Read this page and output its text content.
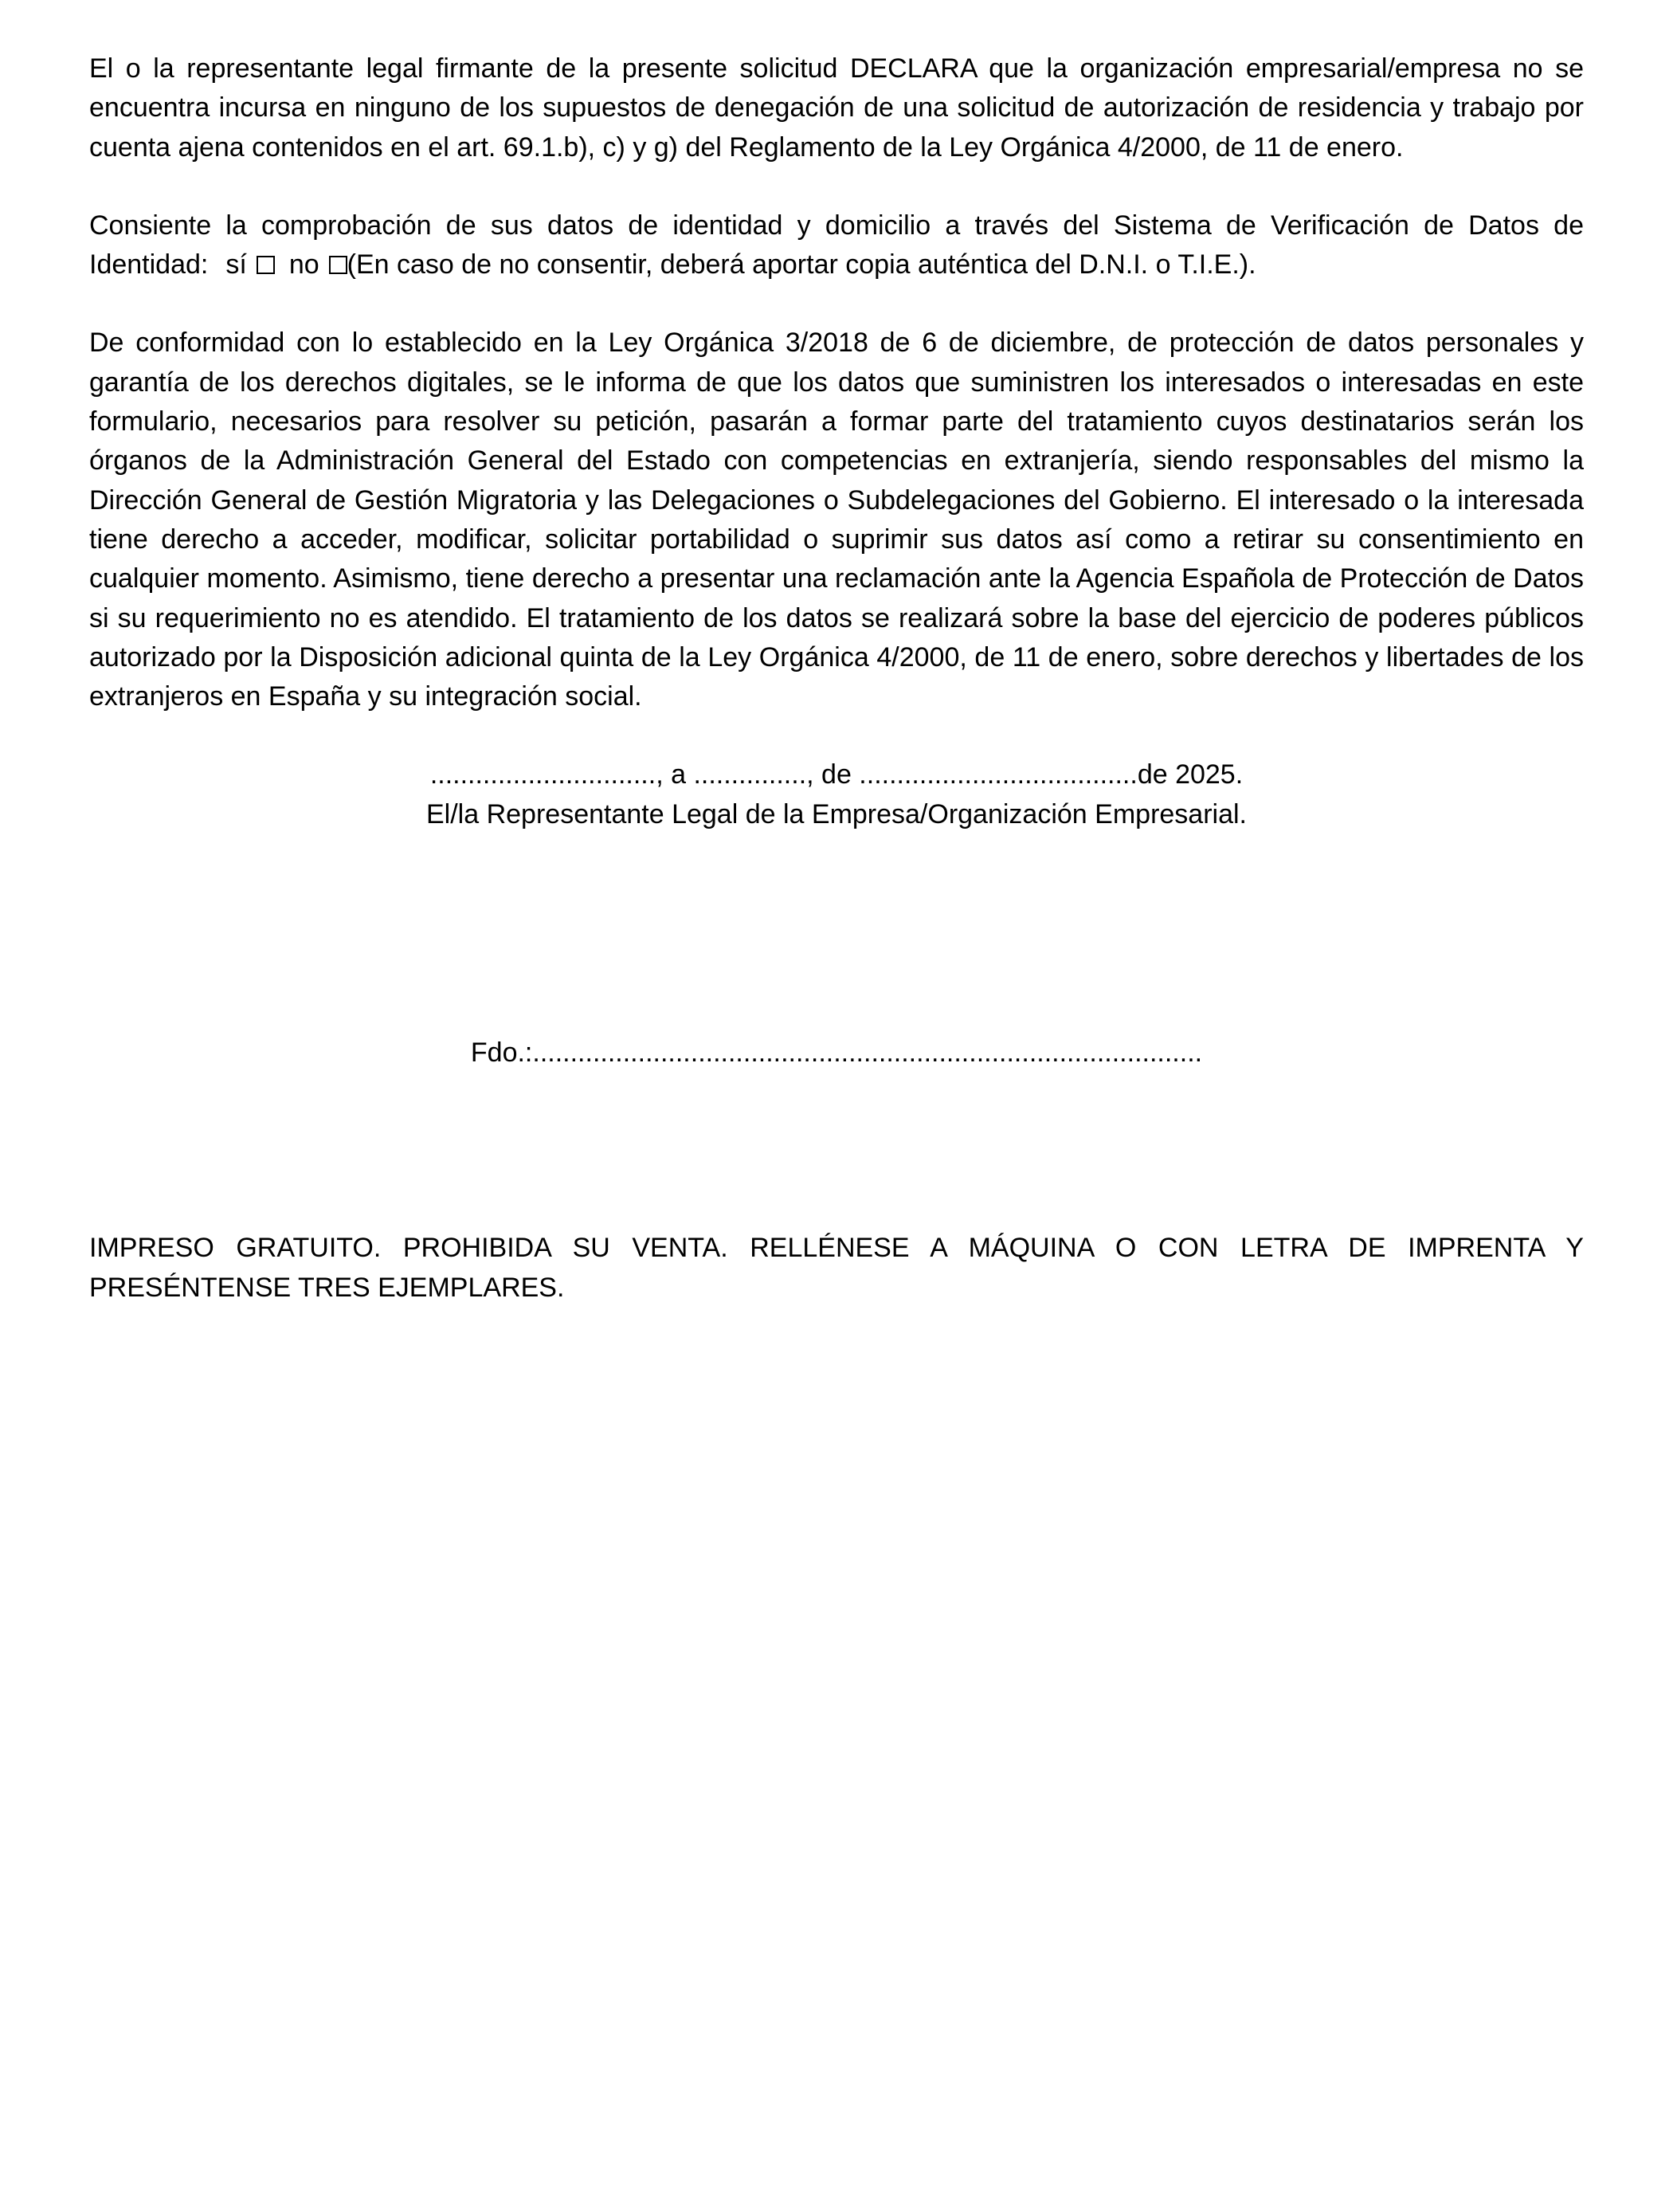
El o la representante legal firmante de la presente solicitud DECLARA que la organización empresarial/empresa no se encuentra incursa en ninguno de los supuestos de denegación de una solicitud de autorización de residencia y trabajo por cuenta ajena contenidos en el art. 69.1.b), c) y g) del Reglamento de la Ley Orgánica 4/2000, de 11 de enero.

Consiente la comprobación de sus datos de identidad y domicilio a través del Sistema de Verificación de Datos de Identidad: sí no (En caso de no consentir, deberá aportar copia auténtica del D.N.I. o T.I.E.).

De conformidad con lo establecido en la Ley Orgánica 3/2018 de 6 de diciembre, de protección de datos personales y garantía de los derechos digitales, se le informa de que los datos que suministren los interesados o interesadas en este formulario, necesarios para resolver su petición, pasarán a formar parte del tratamiento cuyos destinatarios serán los órganos de la Administración General del Estado con competencias en extranjería, siendo responsables del mismo la Dirección General de Gestión Migratoria y las Delegaciones o Subdelegaciones del Gobierno. El interesado o la interesada tiene derecho a acceder, modificar, solicitar portabilidad o suprimir sus datos así como a retirar su consentimiento en cualquier momento. Asimismo, tiene derecho a presentar una reclamación ante la Agencia Española de Protección de Datos si su requerimiento no es atendido. El tratamiento de los datos se realizará sobre la base del ejercicio de poderes públicos autorizado por la Disposición adicional quinta de la Ley Orgánica 4/2000, de 11 de enero, sobre derechos y libertades de los extranjeros en España y su integración social.

.............................., a ..............., de .....................................de 2025.
El/la Representante Legal de la Empresa/Organización Empresarial.
Fdo.:.........................................................................................

IMPRESO GRATUITO. PROHIBIDA SU VENTA. RELLÉNESE A MÁQUINA O CON LETRA DE IMPRENTA Y PRESÉNTENSE TRES EJEMPLARES.
